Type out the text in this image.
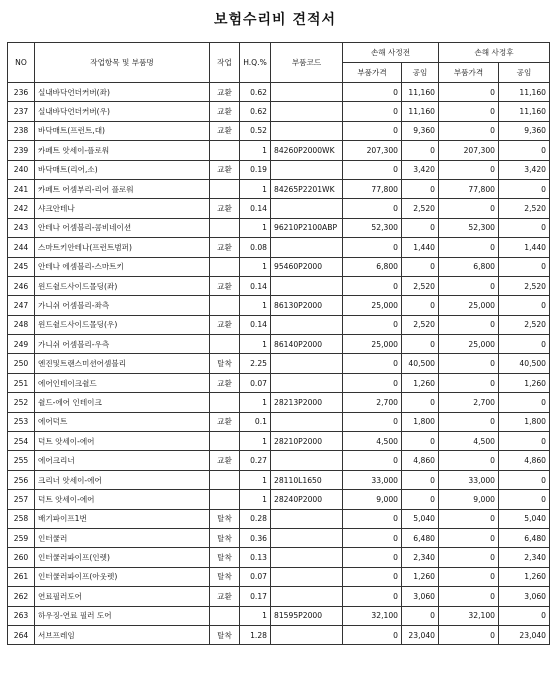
보험수리비 견적서
NO	작업항목 및 부품명	작업	H.Q.%	부품코드	손해 사정전		손해 사정후	
					부품가격	공임	부품가격	공임
236	실내바닥언더커버(좌)	교환	0.62		0	11,160	0	11,160
237	실내바닥언더커버(우)	교환	0.62		0	11,160	0	11,160
238	바닥매트(프런트,대)	교환	0.52		0	9,360	0	9,360
239	카페트 앗세이-플로워		1	84260P2000WK	207,300	0	207,300	0
240	바닥매트(리어,소)	교환	0.19		0	3,420	0	3,420
241	카페트 어셈부리-리어 플로워		1	84265P2201WK	77,800	0	77,800	0
242	샤크안테나	교환	0.14		0	2,520	0	2,520
243	안테나 어셈블리-콤비네이션		1	96210P2100ABP	52,300	0	52,300	0
244	스마트키안테나(프런트범퍼)	교환	0.08		0	1,440	0	1,440
245	안테나 에셈블리-스마트키		1	95460P2000	6,800	0	6,800	0
246	윈드쉴드사이드몰딩(좌)	교환	0.14		0	2,520	0	2,520
247	가니쉬 어셈블리-좌측		1	86130P2000	25,000	0	25,000	0
248	윈드쉴드사이드몰딩(우)	교환	0.14		0	2,520	0	2,520
249	가니쉬 어셈블리-우측		1	86140P2000	25,000	0	25,000	0
250	엔진및트랜스미션어셈블리	탈착	2.25		0	40,500	0	40,500
251	에어인테이크쉴드	교환	0.07		0	1,260	0	1,260
252	쉴드-에어 인테이크		1	28213P2000	2,700	0	2,700	0
253	에어덕트	교환	0.1		0	1,800	0	1,800
254	덕트 앗세이-에어		1	28210P2000	4,500	0	4,500	0
255	에어크리너	교환	0.27		0	4,860	0	4,860
256	크리너 앗세이-에어		1	28110L1650	33,000	0	33,000	0
257	덕트 앗세이-에어		1	28240P2000	9,000	0	9,000	0
258	배기파이프1번	탈착	0.28		0	5,040	0	5,040
259	인터쿨러	탈착	0.36		0	6,480	0	6,480
260	인터쿨러파이프(인렛)	탈착	0.13		0	2,340	0	2,340
261	인터쿨러파이프(아웃렛)	탈착	0.07		0	1,260	0	1,260
262	연료필러도어	교환	0.17		0	3,060	0	3,060
263	하우징-연료 필러 도어		1	81595P2000	32,100	0	32,100	0
264	서브프레임	탈착	1.28		0	23,040	0	23,040
